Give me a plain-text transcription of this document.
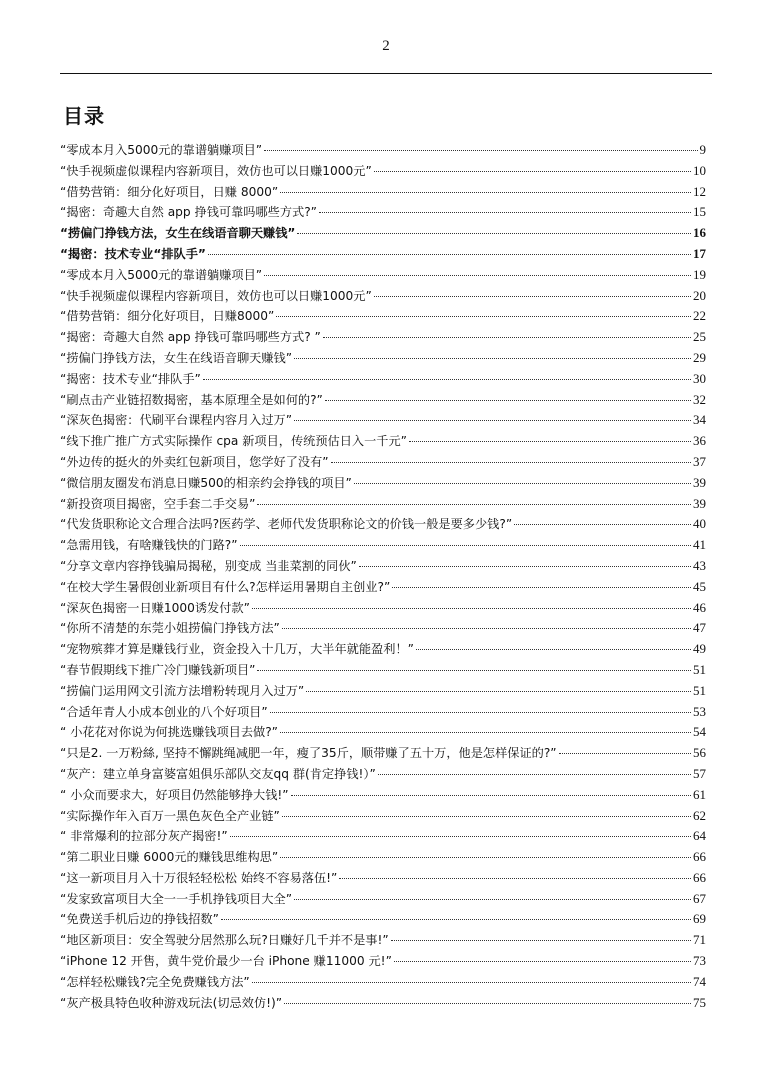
2
目录
“零成本月入5000元的靠谱躺赚项目”	9
“快手视频虚似课程内容新项目，效仿也可以日赚1000元”	10
“借势营销：细分化好项目，日赚 8000”	12
“揭密：奇趣大自然 app 挣钱可靠吗哪些方式?”	15
“捞偏门挣钱方法，女生在线语音聊天赚钱”	16
“揭密：技术专业“排队手”	17
“零成本月入5000元的靠谱躺赚项目”	19
“快手视频虚似课程内容新项目，效仿也可以日赚1000元”	20
“借势营销：细分化好项目，日赚8000”	22
“揭密：奇趣大自然 app 挣钱可靠吗哪些方式? ”	25
“捞偏门挣钱方法，女生在线语音聊天赚钱”	29
“揭密：技术专业“排队手”	30
“刷点击产业链招数揭密，基本原理全是如何的?”	32
“深灰色揭密：代刷平台课程内容月入过万”	34
“线下推广推广方式实际操作 cpa 新项目，传统预估日入一千元”	36
“外边传的挺火的外卖红包新项目，您学好了没有”	37
“微信朋友圈发布消息日赚500的相亲约会挣钱的项目”	39
“新投资项目揭密，空手套二手交易”	39
“代发货职称论文合理合法吗?医药学、老师代发货职称论文的价钱一般是要多少钱?”	40
“急需用钱，有啥赚钱快的门路?”	41
“分享文章内容挣钱骗局揭秘，别变成 当韭菜割的同伙”	43
“在校大学生暑假创业新项目有什么?怎样运用暑期自主创业?”	45
“深灰色揭密一日赚1000诱发付款”	46
“你所不清楚的东莞小姐捞偏门挣钱方法”	47
“宠物殡葬才算是赚钱行业，资金投入十几万，大半年就能盈利！”	49
“春节假期线下推广冷门赚钱新项目”	51
“捞偏门运用网文引流方法增粉转现月入过万”	51
“合适年青人小成本创业的八个好项目”	53
“ 小花花对你说为何挑选赚钱项目去做?”	54
“只是2. 一万粉絲, 坚持不懈跳绳减肥一年，瘦了35斤，顺带赚了五十万，他是怎样保证的?”	56
“灰产：建立单身富婆富姐俱乐部队交友qq 群(肯定挣钱!）”	57
“ 小众而要求大，好项目仍然能够挣大钱!”	61
“实际操作年入百万一黑色灰色全产业链”	62
“ 非常爆利的拉部分灰产揭密!”	64
“第二职业日赚 6000元的赚钱思维构思”	66
“这一新项目月入十万很轻轻松松 始终不容易落伍!”	66
“发家致富项目大全一一手机挣钱项目大全”	67
“免费送手机后边的挣钱招数”	69
“地区新项目：安全驾驶分居然那么玩?日赚好几千并不是事!”	71
“iPhone 12 开售，黄牛党价最少一台 iPhone 赚11000 元!”	73
“怎样轻松赚钱?完全免费赚钱方法”	74
“灰产极具特色收种游戏玩法(切忌效仿!)”	75
